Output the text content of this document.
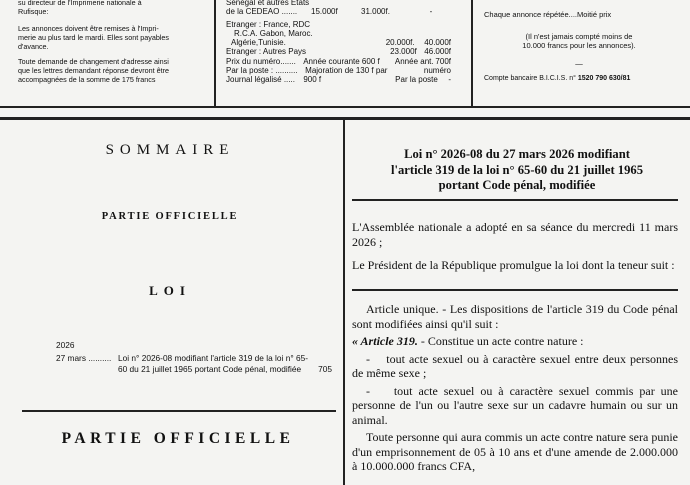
su directeur de l'Imprimerie nationale à
Rufisque:

Les annonces doivent être remises à l'Impri-
merie au plus tard le mardi. Elles sont payables
d'avance.

Toute demande de changement d'adresse ainsi
que les lettres demandant réponse devront être
accompagnées de la somme de 175 francs

Sénégal et autres Etats
de la CEDEAO .......	15.000f	31.000f.	-
Etranger : France, RDC
R.C.A. Gabon, Maroc.
Algérie,Tunisie.	20.000f.	40.000f
Etranger : Autres Pays	23.000f 46.000f
Prix du numéro....... Année courante 600 f	Année ant. 700f
Par la poste : .......... Majoration de 130 f par	numéro
Journal légalisé .....	900 f	Par la poste	-
Chaque annonce répétée....Moitié prix
(Il n'est jamais compté moins de
10.000 francs pour les annonces).
—
Compte bancaire B.I.C.I.S. n° 1520 790 630/81
SOMMAIRE
PARTIE OFFICIELLE
LOI
2026
27 mars .......... Loi n° 2026-08 modifiant l'article 319 de la loi n° 65-60 du 21 juillet 1965 portant Code pénal, modifiée	705
PARTIE OFFICIELLE
Loi n° 2026-08 du 27 mars 2026 modifiant
l'article 319 de la loi n° 65-60 du 21 juillet 1965
portant Code pénal, modifiée

L'Assemblée nationale a adopté en sa séance du mercredi 11 mars 2026 ;

Le Président de la République promulgue la loi dont la teneur suit :

Article unique. - Les dispositions de l'article 319 du Code pénal sont modifiées ainsi qu'il suit :

« Article 319. - Constitue un acte contre nature :

-    tout acte sexuel ou à caractère sexuel entre deux personnes de même sexe ;

-    tout acte sexuel ou à caractère sexuel commis par une personne de l'un ou l'autre sexe sur un cadavre humain ou sur un animal.

Toute personne qui aura commis un acte contre nature sera punie d'un emprisonnement de 05 à 10 ans et d'une amende de 2.000.000 à 10.000.000 francs CFA,
